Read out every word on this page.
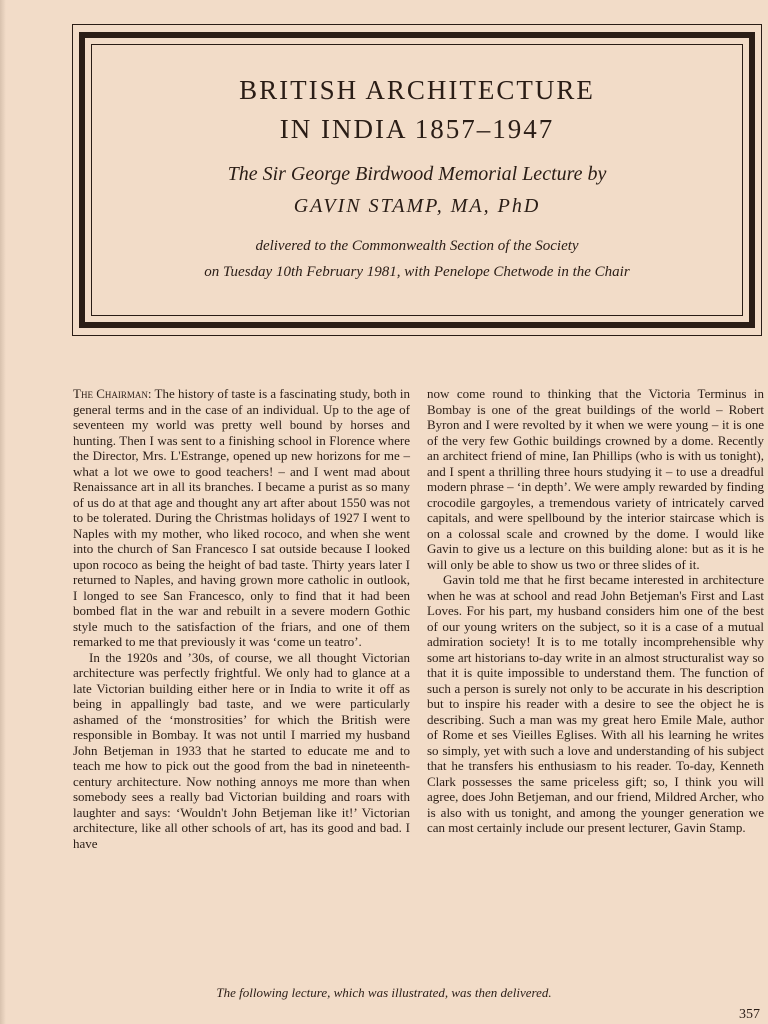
BRITISH ARCHITECTURE
IN INDIA 1857–1947
The Sir George Birdwood Memorial Lecture by
GAVIN STAMP, MA, PhD
delivered to the Commonwealth Section of the Society
on Tuesday 10th February 1981, with Penelope Chetwode in the Chair

The Chairman: The history of taste is a fascinating study, both in general terms and in the case of an individual. Up to the age of seventeen my world was pretty well bound by horses and hunting. Then I was sent to a finishing school in Florence where the Director, Mrs. L'Estrange, opened up new horizons for me – what a lot we owe to good teachers! – and I went mad about Renaissance art in all its branches. I became a purist as so many of us do at that age and thought any art after about 1550 was not to be tolerated. During the Christmas holidays of 1927 I went to Naples with my mother, who liked rococo, and when she went into the church of San Francesco I sat outside because I looked upon rococo as being the height of bad taste. Thirty years later I returned to Naples, and having grown more catholic in outlook, I longed to see San Francesco, only to find that it had been bombed flat in the war and rebuilt in a severe modern Gothic style much to the satisfaction of the friars, and one of them remarked to me that previously it was ‘come un teatro’.

In the 1920s and ’30s, of course, we all thought Victorian architecture was perfectly frightful. We only had to glance at a late Victorian building either here or in India to write it off as being in appallingly bad taste, and we were particularly ashamed of the ‘monstrosities’ for which the British were responsible in Bombay. It was not until I married my husband John Betjeman in 1933 that he started to educate me and to teach me how to pick out the good from the bad in nineteenth-century architecture. Now nothing annoys me more than when somebody sees a really bad Victorian building and roars with laughter and says: ‘Wouldn't John Betjeman like it!’ Victorian architecture, like all other schools of art, has its good and bad. I have

now come round to thinking that the Victoria Terminus in Bombay is one of the great buildings of the world – Robert Byron and I were revolted by it when we were young – it is one of the very few Gothic buildings crowned by a dome. Recently an architect friend of mine, Ian Phillips (who is with us tonight), and I spent a thrilling three hours studying it – to use a dreadful modern phrase – ‘in depth’. We were amply rewarded by finding crocodile gargoyles, a tremendous variety of intricately carved capitals, and were spellbound by the interior staircase which is on a colossal scale and crowned by the dome. I would like Gavin to give us a lecture on this building alone: but as it is he will only be able to show us two or three slides of it.

Gavin told me that he first became interested in architecture when he was at school and read John Betjeman's First and Last Loves. For his part, my husband considers him one of the best of our young writers on the subject, so it is a case of a mutual admiration society! It is to me totally incomprehensible why some art historians to-day write in an almost structuralist way so that it is quite impossible to understand them. The function of such a person is surely not only to be accurate in his description but to inspire his reader with a desire to see the object he is describing. Such a man was my great hero Emile Male, author of Rome et ses Vieilles Eglises. With all his learning he writes so simply, yet with such a love and understanding of his subject that he transfers his enthusiasm to his reader. To-day, Kenneth Clark possesses the same priceless gift; so, I think you will agree, does John Betjeman, and our friend, Mildred Archer, who is also with us tonight, and among the younger generation we can most certainly include our present lecturer, Gavin Stamp.

The following lecture, which was illustrated, was then delivered.
357
